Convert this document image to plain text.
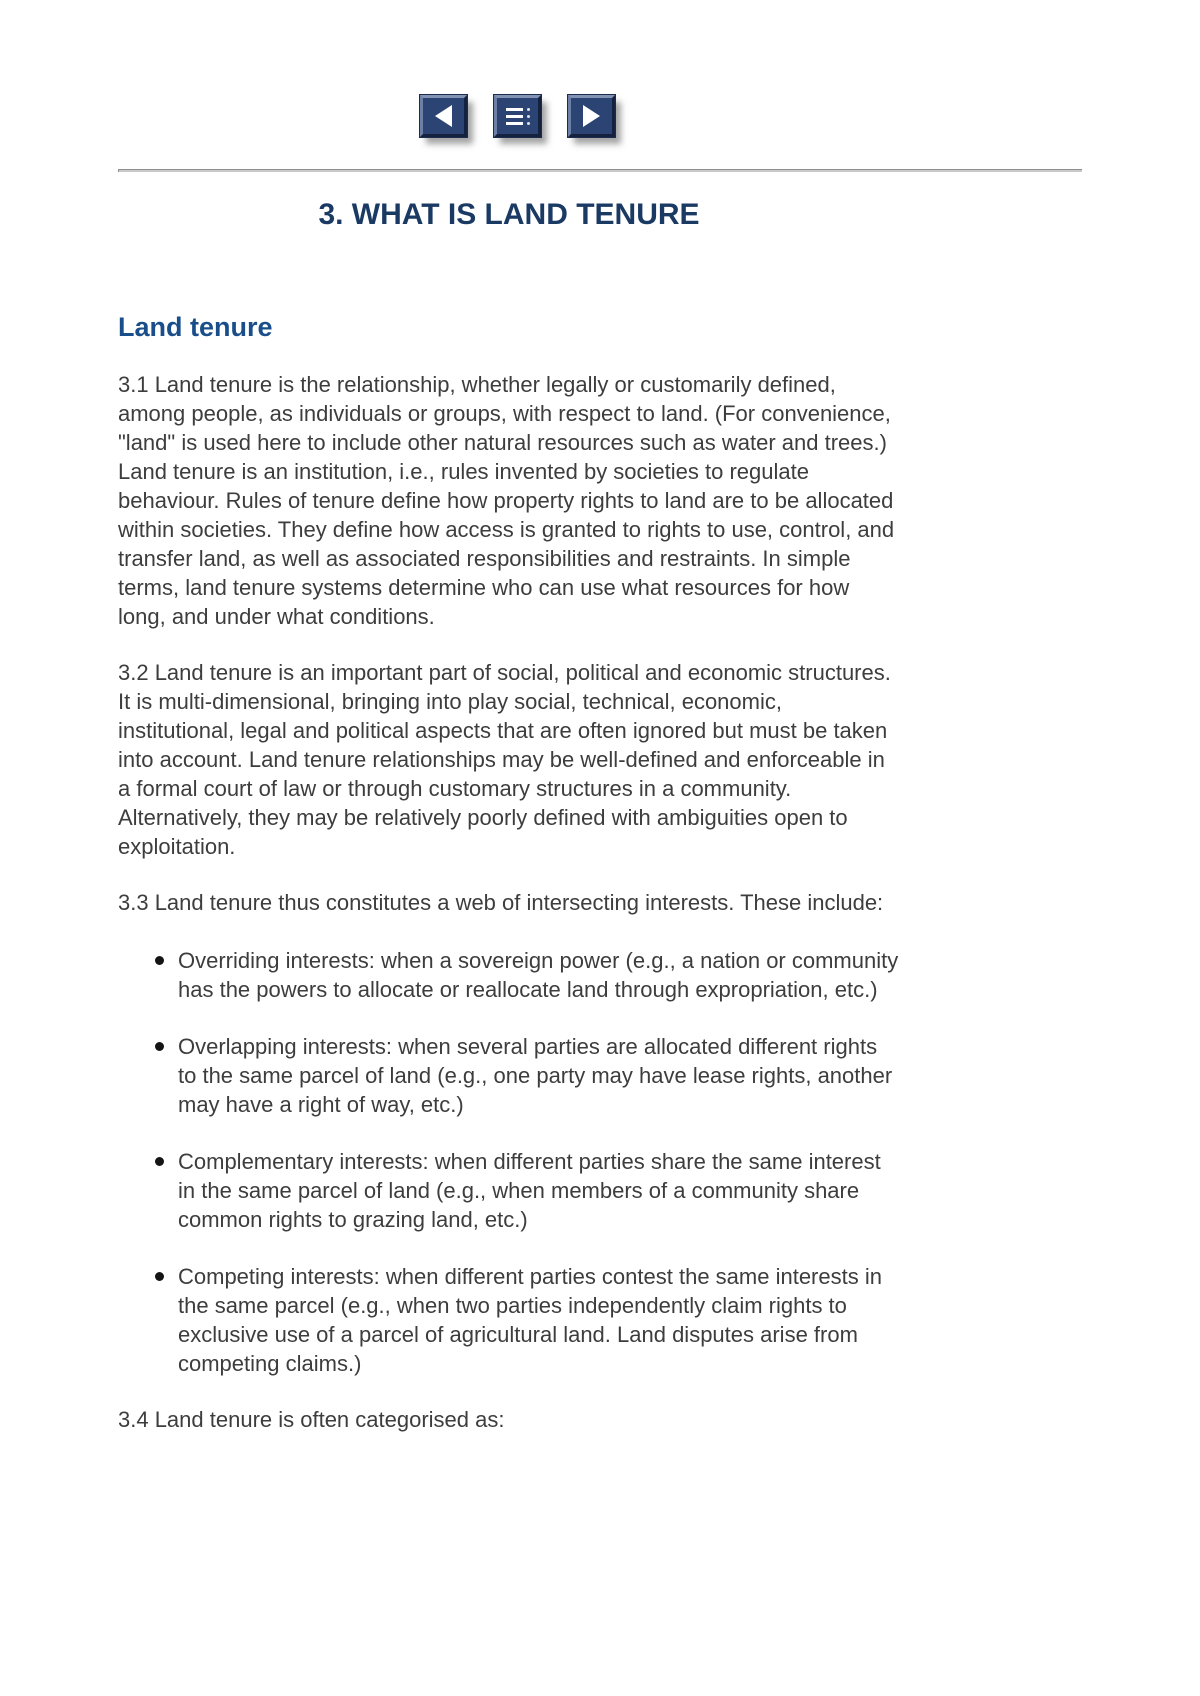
3. WHAT IS LAND TENURE
Land tenure

3.1 Land tenure is the relationship, whether legally or customarily defined, among people, as individuals or groups, with respect to land. (For convenience, "land" is used here to include other natural resources such as water and trees.) Land tenure is an institution, i.e., rules invented by societies to regulate behaviour. Rules of tenure define how property rights to land are to be allocated within societies. They define how access is granted to rights to use, control, and transfer land, as well as associated responsibilities and restraints. In simple terms, land tenure systems determine who can use what resources for how long, and under what conditions.

3.2 Land tenure is an important part of social, political and economic structures. It is multi-dimensional, bringing into play social, technical, economic, institutional, legal and political aspects that are often ignored but must be taken into account. Land tenure relationships may be well-defined and enforceable in a formal court of law or through customary structures in a community. Alternatively, they may be relatively poorly defined with ambiguities open to exploitation.

3.3 Land tenure thus constitutes a web of intersecting interests. These include:

Overriding interests: when a sovereign power (e.g., a nation or community has the powers to allocate or reallocate land through expropriation, etc.)
Overlapping interests: when several parties are allocated different rights to the same parcel of land (e.g., one party may have lease rights, another may have a right of way, etc.)
Complementary interests: when different parties share the same interest in the same parcel of land (e.g., when members of a community share common rights to grazing land, etc.)
Competing interests: when different parties contest the same interests in the same parcel (e.g., when two parties independently claim rights to exclusive use of a parcel of agricultural land. Land disputes arise from competing claims.)

3.4 Land tenure is often categorised as:
